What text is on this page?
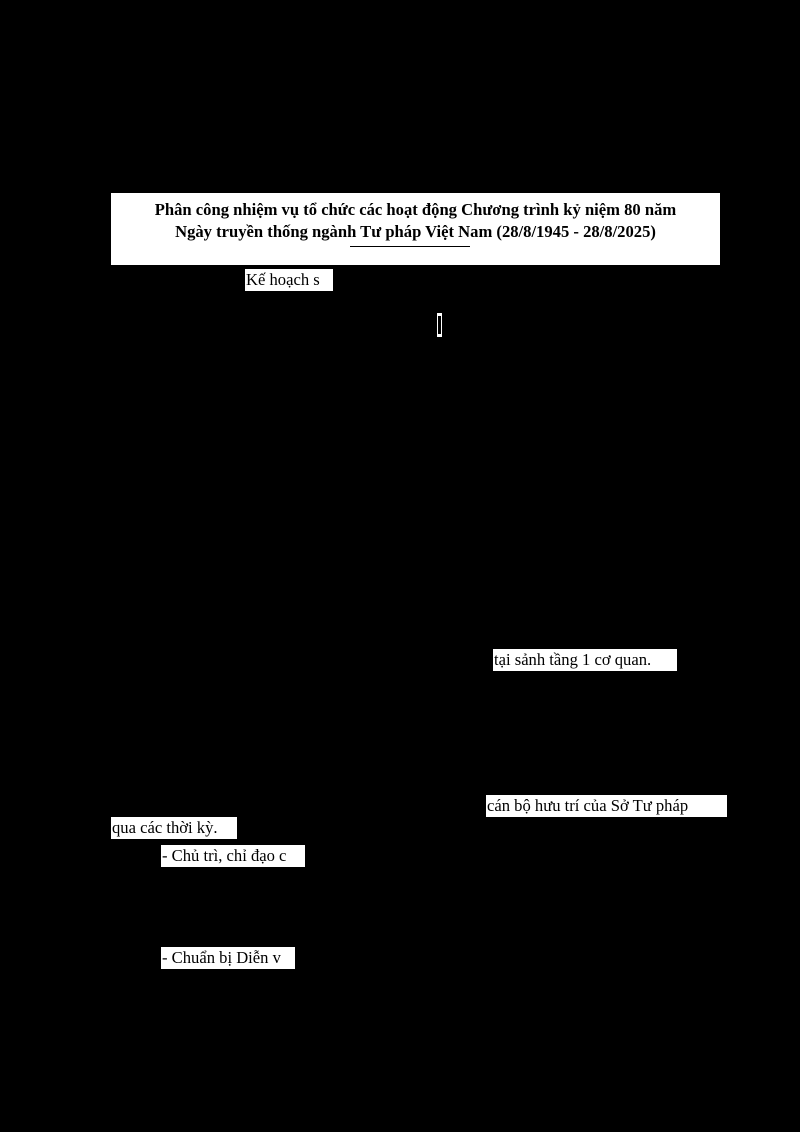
Phân công nhiệm vụ tổ chức các hoạt động Chương trình kỷ niệm 80 năm
Ngày truyền thống ngành Tư pháp Việt Nam (28/8/1945 - 28/8/2025)
Kế hoạch s
tại sảnh tầng 1 cơ quan.
cán bộ hưu trí của Sở Tư pháp
qua các thời kỳ.
- Chủ trì, chỉ đạo c
- Chuẩn bị Diễn v
